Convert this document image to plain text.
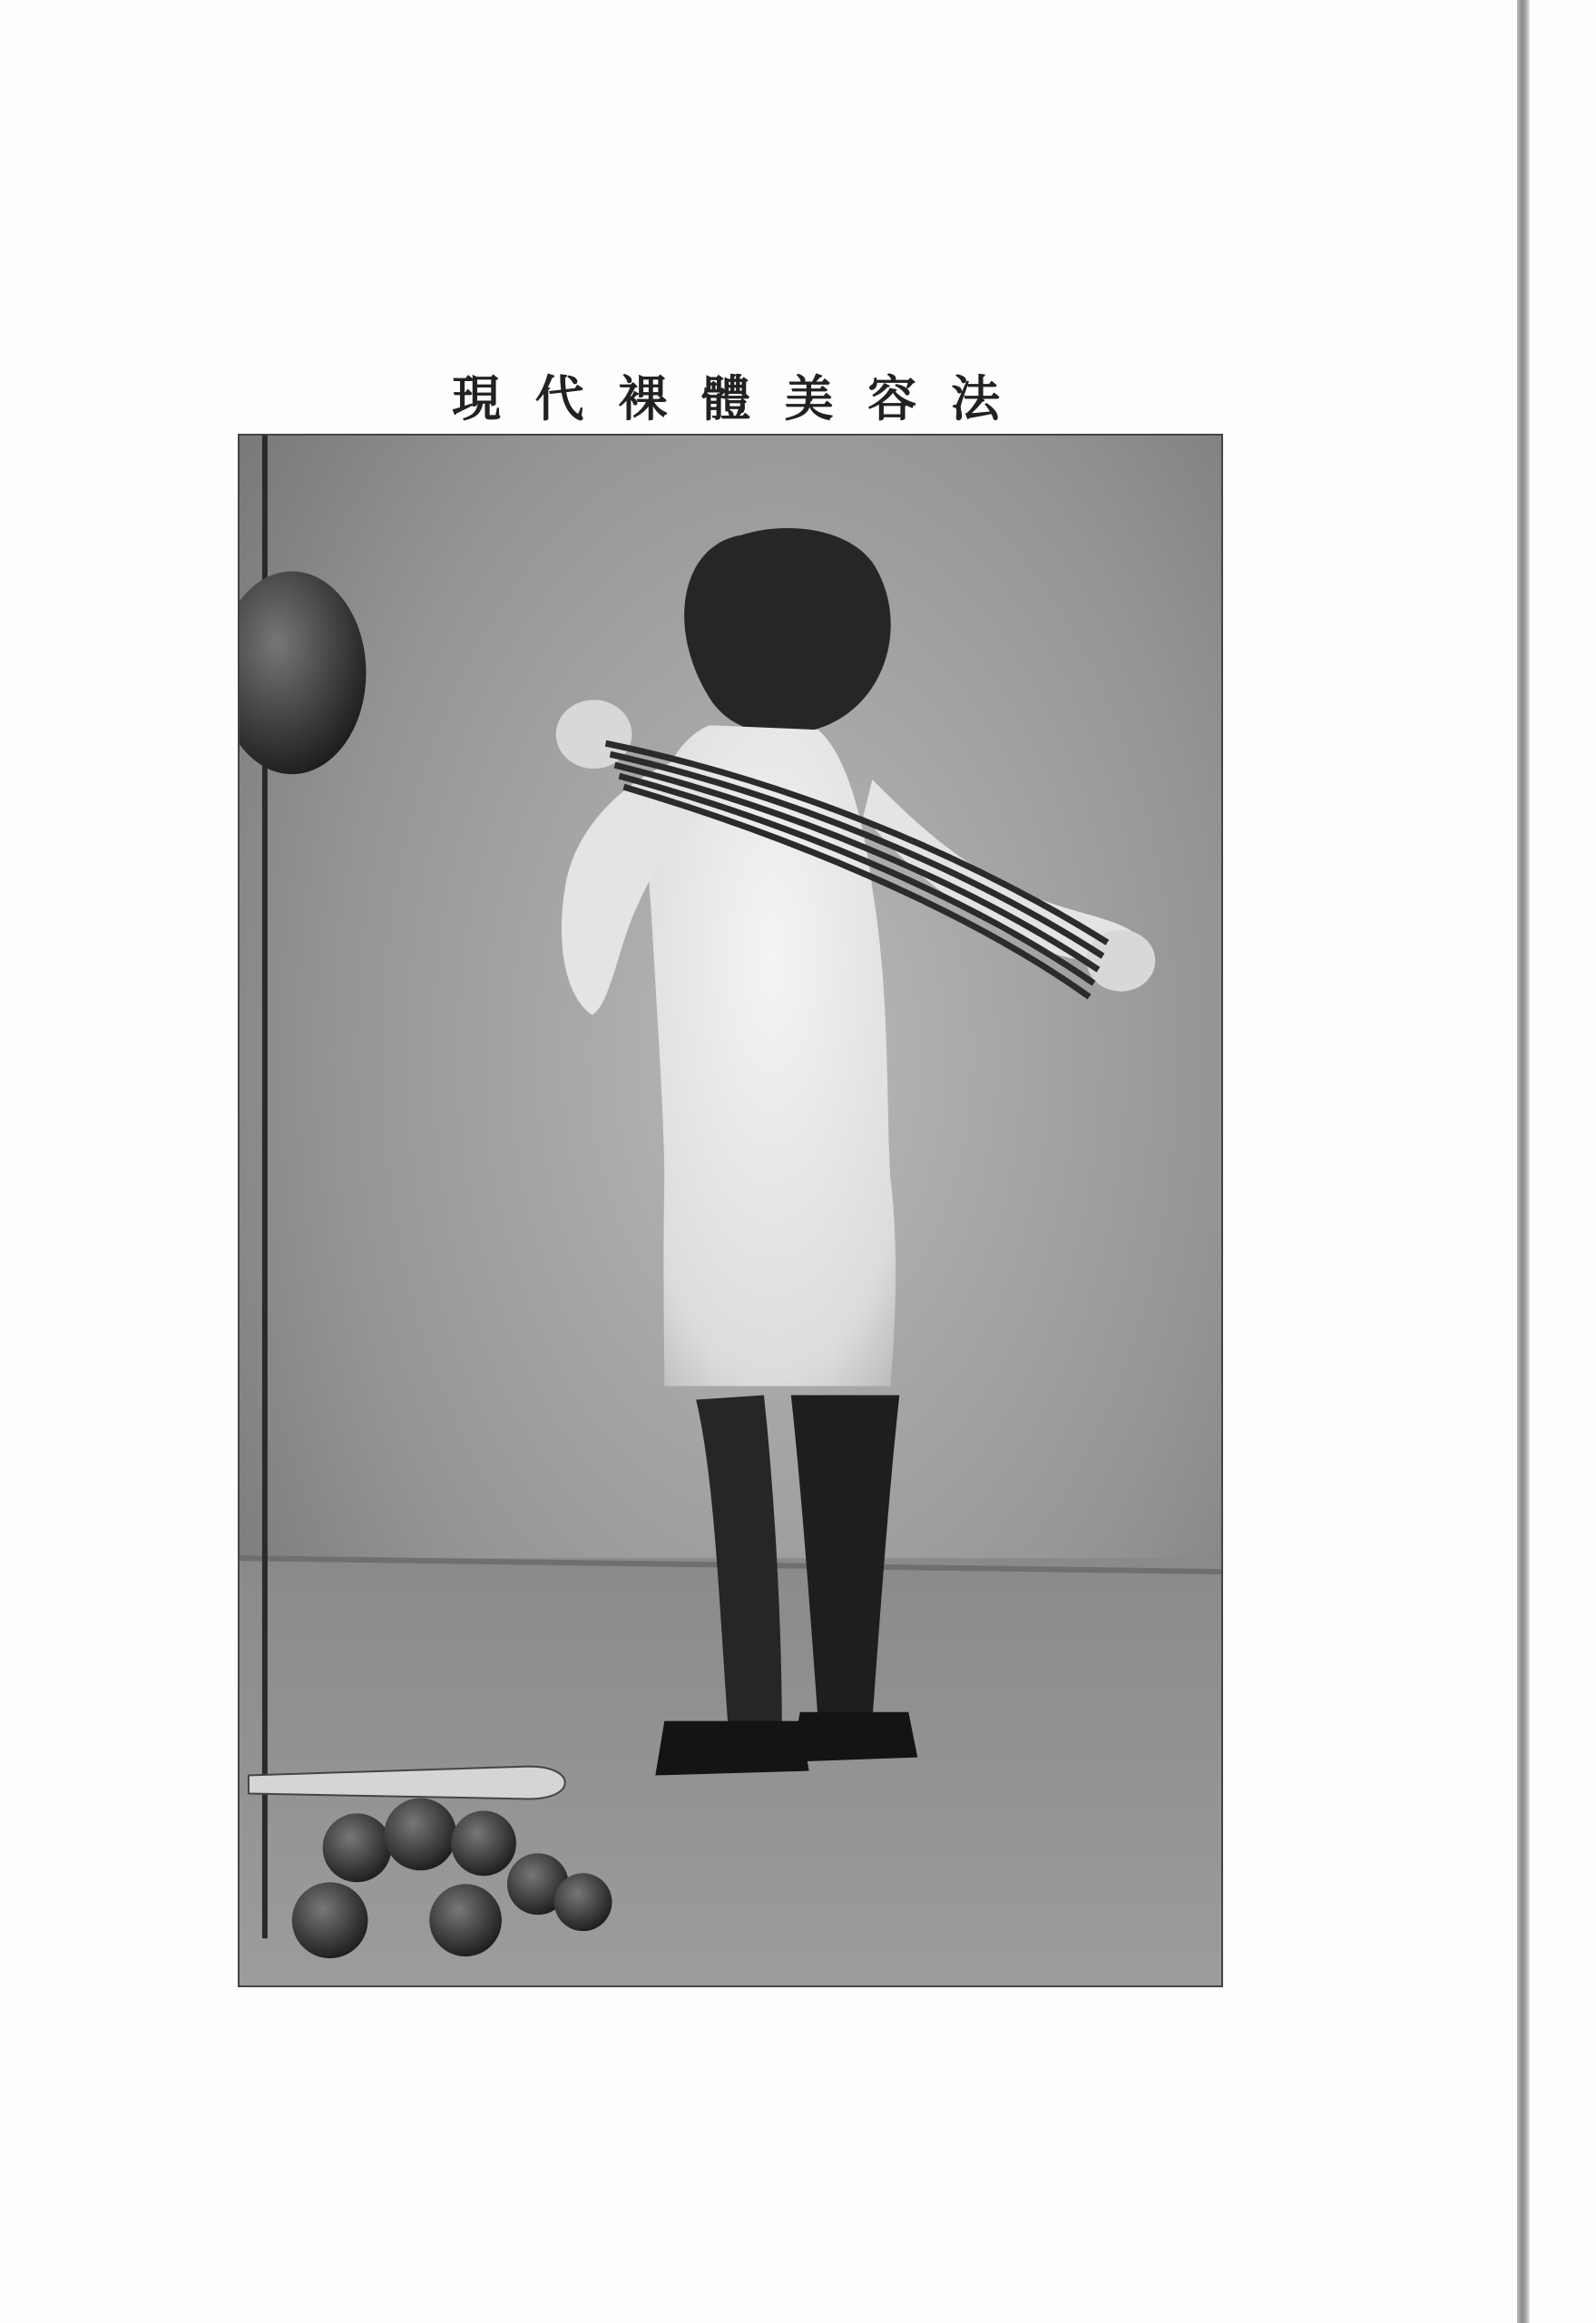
現 代 裸 體 美 容 法
